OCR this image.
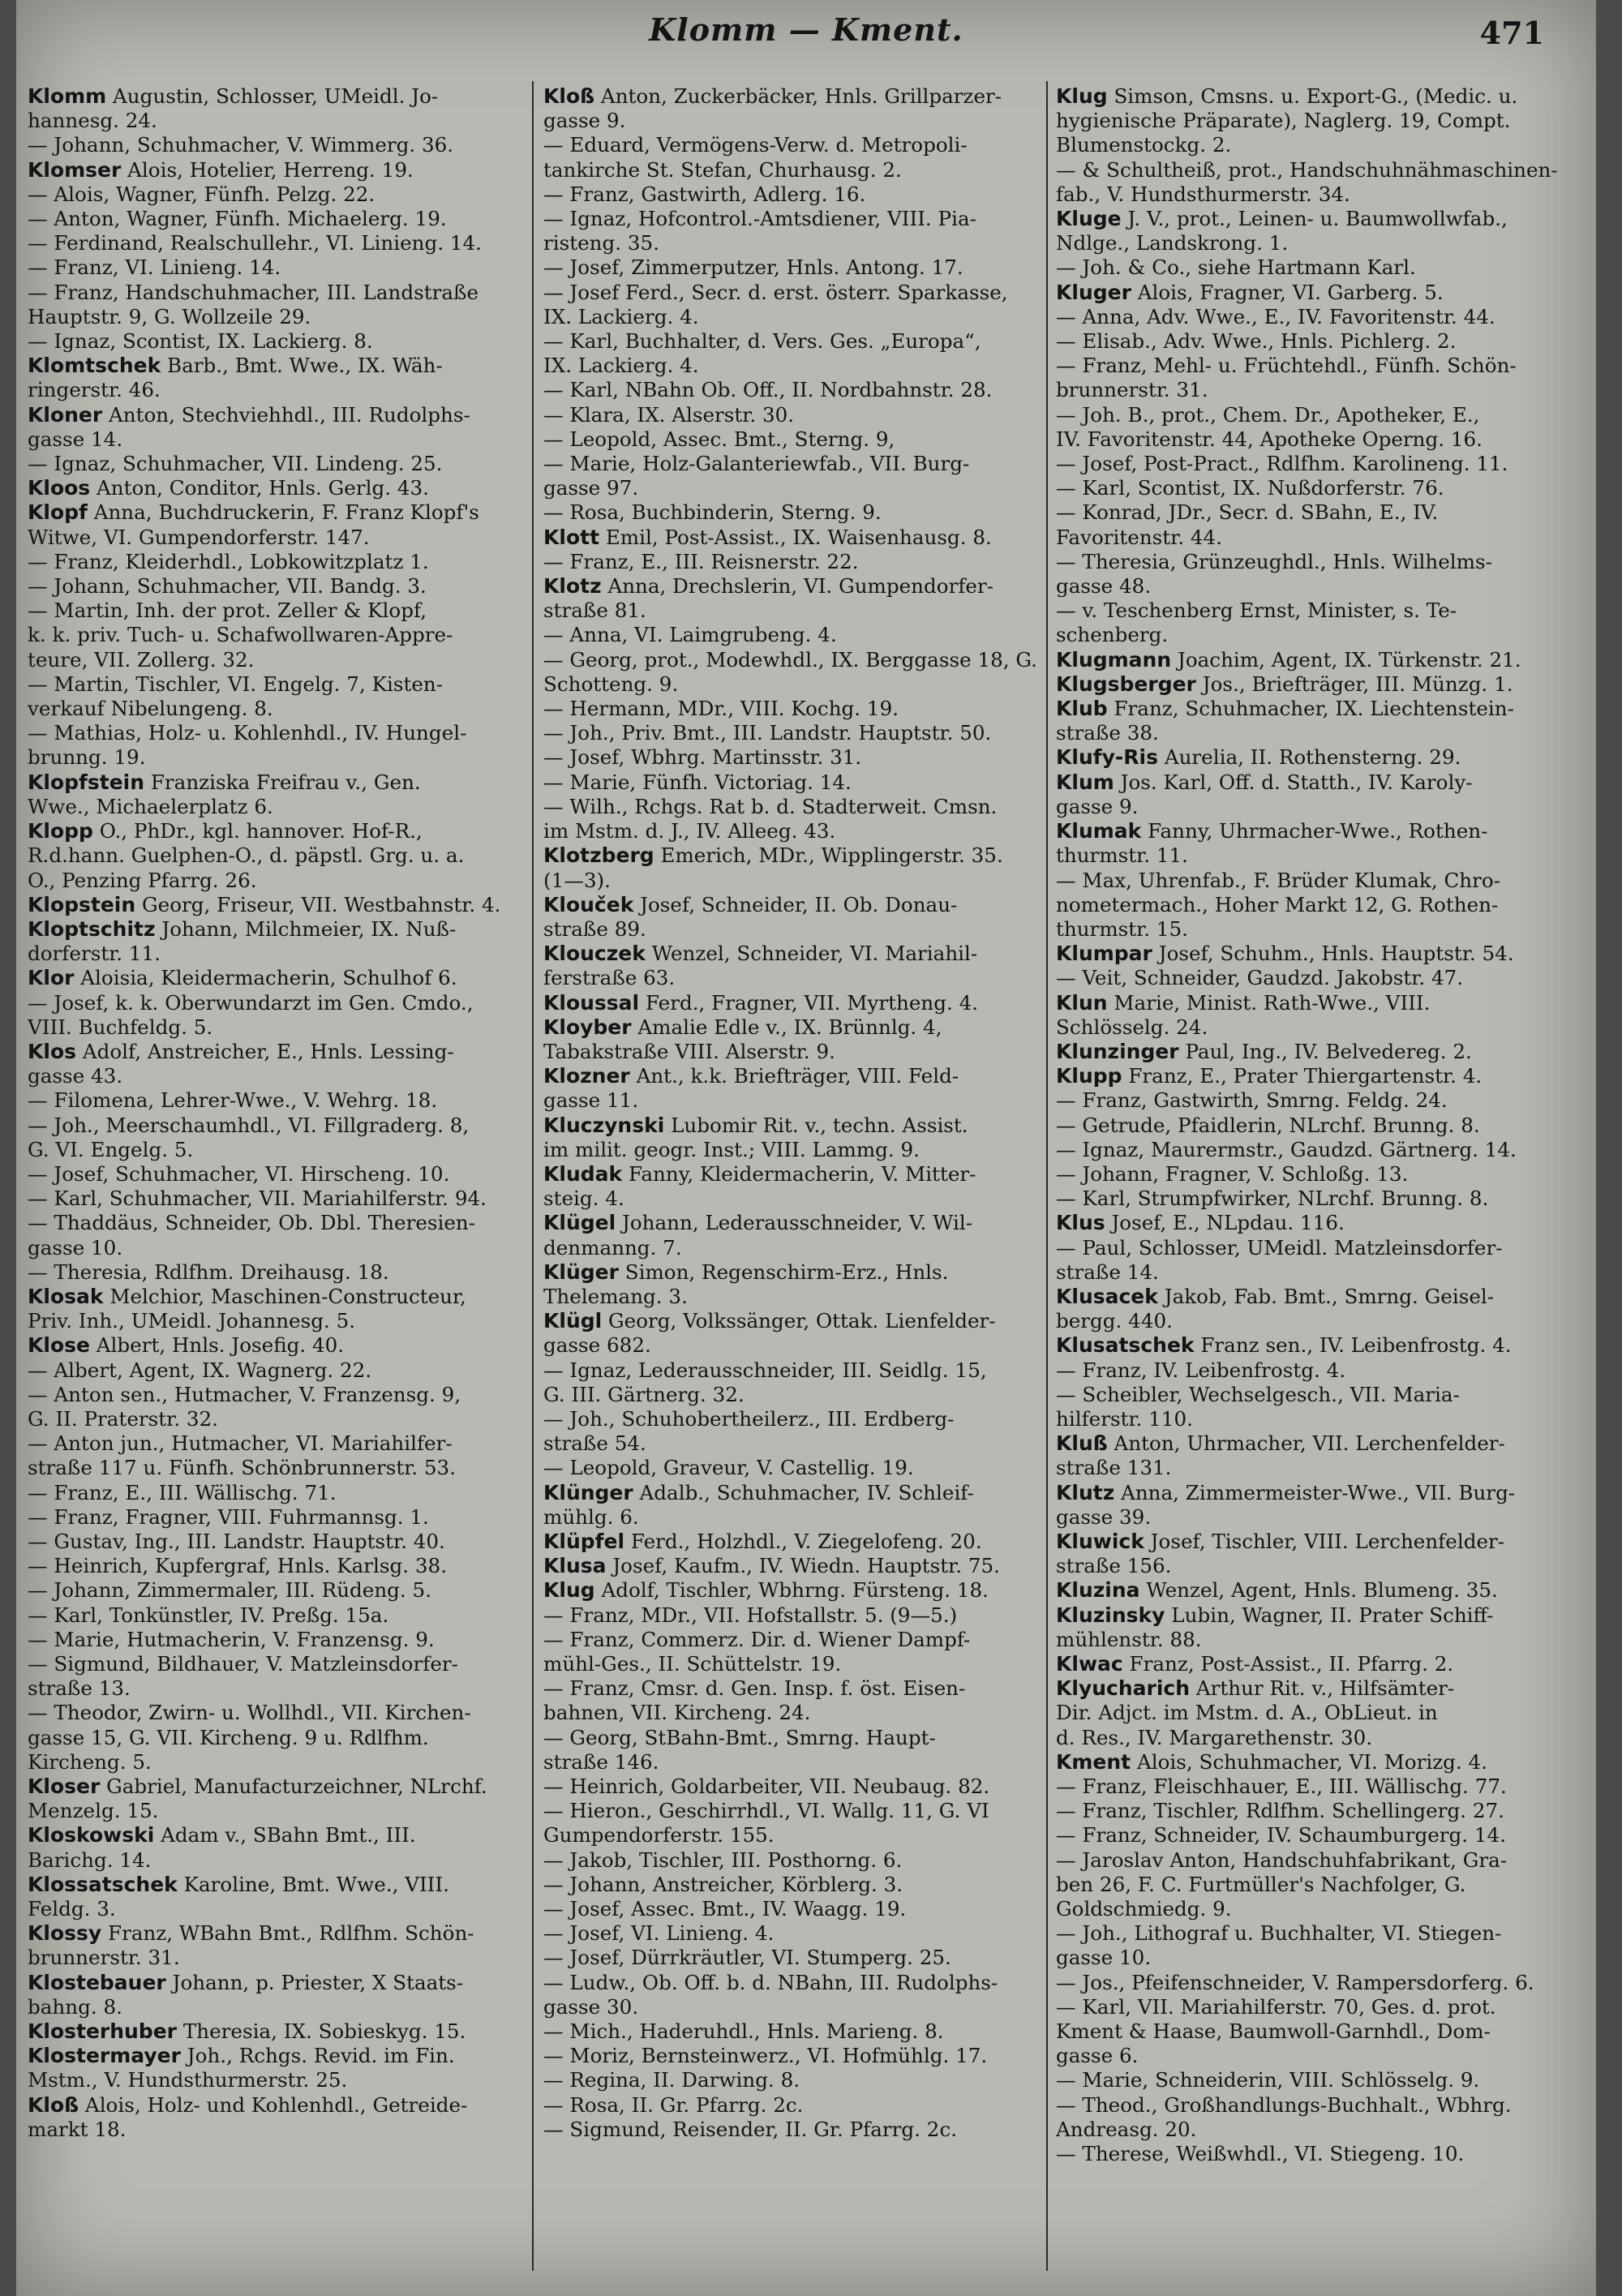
Klomm — Kment.	471

Klomm Augustin, Schlosser, UMeidl. Jo-

hannesg. 24.

— Johann, Schuhmacher, V. Wimmerg. 36.

Klomser Alois, Hotelier, Herreng. 19.

— Alois, Wagner, Fünfh. Pelzg. 22.

— Anton, Wagner, Fünfh. Michaelerg. 19.

— Ferdinand, Realschullehr., VI. Linieng. 14.

— Franz, VI. Linieng. 14.

— Franz, Handschuhmacher, III. Landstraße

Hauptstr. 9, G. Wollzeile 29.

— Ignaz, Scontist, IX. Lackierg. 8.

Klomtschek Barb., Bmt. Wwe., IX. Wäh-

ringerstr. 46.

Kloner Anton, Stechviehhdl., III. Rudolphs-

gasse 14.

— Ignaz, Schuhmacher, VII. Lindeng. 25.

Kloos Anton, Conditor, Hnls. Gerlg. 43.

Klopf Anna, Buchdruckerin, F. Franz Klopf's

Witwe, VI. Gumpendorferstr. 147.

— Franz, Kleiderhdl., Lobkowitzplatz 1.

— Johann, Schuhmacher, VII. Bandg. 3.

— Martin, Inh. der prot. Zeller & Klopf,

k. k. priv. Tuch- u. Schafwollwaren-Appre-

teure, VII. Zollerg. 32.

— Martin, Tischler, VI. Engelg. 7, Kisten-

verkauf Nibelungeng. 8.

— Mathias, Holz- u. Kohlenhdl., IV. Hungel-

brunng. 19.

Klopfstein Franziska Freifrau v., Gen.

Wwe., Michaelerplatz 6.

Klopp O., PhDr., kgl. hannover. Hof-R.,

R.d.hann. Guelphen-O., d. päpstl. Grg. u. a.

O., Penzing Pfarrg. 26.

Klopstein Georg, Friseur, VII. Westbahnstr. 4.

Kloptschitz Johann, Milchmeier, IX. Nuß-

dorferstr. 11.

Klor Aloisia, Kleidermacherin, Schulhof 6.

— Josef, k. k. Oberwundarzt im Gen. Cmdo.,

VIII. Buchfeldg. 5.

Klos Adolf, Anstreicher, E., Hnls. Lessing-

gasse 43.

— Filomena, Lehrer-Wwe., V. Wehrg. 18.

— Joh., Meerschaumhdl., VI. Fillgraderg. 8,

G. VI. Engelg. 5.

— Josef, Schuhmacher, VI. Hirscheng. 10.

— Karl, Schuhmacher, VII. Mariahilferstr. 94.

— Thaddäus, Schneider, Ob. Dbl. Theresien-

gasse 10.

— Theresia, Rdlfhm. Dreihausg. 18.

Klosak Melchior, Maschinen-Constructeur,

Priv. Inh., UMeidl. Johannesg. 5.

Klose Albert, Hnls. Josefig. 40.

— Albert, Agent, IX. Wagnerg. 22.

— Anton sen., Hutmacher, V. Franzensg. 9,

G. II. Praterstr. 32.

— Anton jun., Hutmacher, VI. Mariahilfer-

straße 117 u. Fünfh. Schönbrunnerstr. 53.

— Franz, E., III. Wällischg. 71.

— Franz, Fragner, VIII. Fuhrmannsg. 1.

— Gustav, Ing., III. Landstr. Hauptstr. 40.

— Heinrich, Kupfergraf, Hnls. Karlsg. 38.

— Johann, Zimmermaler, III. Rüdeng. 5.

— Karl, Tonkünstler, IV. Preßg. 15a.

— Marie, Hutmacherin, V. Franzensg. 9.

— Sigmund, Bildhauer, V. Matzleinsdorfer-

straße 13.

— Theodor, Zwirn- u. Wollhdl., VII. Kirchen-

gasse 15, G. VII. Kircheng. 9 u. Rdlfhm.

Kircheng. 5.

Kloser Gabriel, Manufacturzeichner, NLrchf.

Menzelg. 15.

Kloskowski Adam v., SBahn Bmt., III.

Barichg. 14.

Klossatschek Karoline, Bmt. Wwe., VIII.

Feldg. 3.

Klossy Franz, WBahn Bmt., Rdlfhm. Schön-

brunnerstr. 31.

Klostebauer Johann, p. Priester, X Staats-

bahng. 8.

Klosterhuber Theresia, IX. Sobieskyg. 15.

Klostermayer Joh., Rchgs. Revid. im Fin.

Mstm., V. Hundsthurmerstr. 25.

Kloß Alois, Holz- und Kohlenhdl., Getreide-

markt 18.

Kloß Anton, Zuckerbäcker, Hnls. Grillparzer-

gasse 9.

— Eduard, Vermögens-Verw. d. Metropoli-

tankirche St. Stefan, Churhausg. 2.

— Franz, Gastwirth, Adlerg. 16.

— Ignaz, Hofcontrol.-Amtsdiener, VIII. Pia-

risteng. 35.

— Josef, Zimmerputzer, Hnls. Antong. 17.

— Josef Ferd., Secr. d. erst. österr. Sparkasse,

IX. Lackierg. 4.

— Karl, Buchhalter, d. Vers. Ges. „Europa“,

IX. Lackierg. 4.

— Karl, NBahn Ob. Off., II. Nordbahnstr. 28.

— Klara, IX. Alserstr. 30.

— Leopold, Assec. Bmt., Sterng. 9,

— Marie, Holz-Galanteriewfab., VII. Burg-

gasse 97.

— Rosa, Buchbinderin, Sterng. 9.

Klott Emil, Post-Assist., IX. Waisenhausg. 8.

— Franz, E., III. Reisnerstr. 22.

Klotz Anna, Drechslerin, VI. Gumpendorfer-

straße 81.

— Anna, VI. Laimgrubeng. 4.

— Georg, prot., Modewhdl., IX. Berggasse 18, G.

Schotteng. 9.

— Hermann, MDr., VIII. Kochg. 19.

— Joh., Priv. Bmt., III. Landstr. Hauptstr. 50.

— Josef, Wbhrg. Martinsstr. 31.

— Marie, Fünfh. Victoriag. 14.

— Wilh., Rchgs. Rat b. d. Stadterweit. Cmsn.

im Mstm. d. J., IV. Alleeg. 43.

Klotzberg Emerich, MDr., Wipplingerstr. 35.

(1—3).

Klouček Josef, Schneider, II. Ob. Donau-

straße 89.

Klouczek Wenzel, Schneider, VI. Mariahil-

ferstraße 63.

Kloussal Ferd., Fragner, VII. Myrtheng. 4.

Kloyber Amalie Edle v., IX. Brünnlg. 4,

Tabakstraße VIII. Alserstr. 9.

Klozner Ant., k.k. Briefträger, VIII. Feld-

gasse 11.

Kluczynski Lubomir Rit. v., techn. Assist.

im milit. geogr. Inst.; VIII. Lammg. 9.

Kludak Fanny, Kleidermacherin, V. Mitter-

steig. 4.

Klügel Johann, Lederausschneider, V. Wil-

denmanng. 7.

Klüger Simon, Regenschirm-Erz., Hnls.

Thelemang. 3.

Klügl Georg, Volkssänger, Ottak. Lienfelder-

gasse 682.

— Ignaz, Lederausschneider, III. Seidlg. 15,

G. III. Gärtnerg. 32.

— Joh., Schuhobertheilerz., III. Erdberg-

straße 54.

— Leopold, Graveur, V. Castellig. 19.

Klünger Adalb., Schuhmacher, IV. Schleif-

mühlg. 6.

Klüpfel Ferd., Holzhdl., V. Ziegelofeng. 20.

Klusa Josef, Kaufm., IV. Wiedn. Hauptstr. 75.

Klug Adolf, Tischler, Wbhrng. Fürsteng. 18.

— Franz, MDr., VII. Hofstallstr. 5. (9—5.)

— Franz, Commerz. Dir. d. Wiener Dampf-

mühl-Ges., II. Schüttelstr. 19.

— Franz, Cmsr. d. Gen. Insp. f. öst. Eisen-

bahnen, VII. Kircheng. 24.

— Georg, StBahn-Bmt., Smrng. Haupt-

straße 146.

— Heinrich, Goldarbeiter, VII. Neubaug. 82.

— Hieron., Geschirrhdl., VI. Wallg. 11, G. VI

Gumpendorferstr. 155.

— Jakob, Tischler, III. Posthorng. 6.

— Johann, Anstreicher, Körblerg. 3.

— Josef, Assec. Bmt., IV. Waagg. 19.

— Josef, VI. Linieng. 4.

— Josef, Dürrkräutler, VI. Stumperg. 25.

— Ludw., Ob. Off. b. d. NBahn, III. Rudolphs-

gasse 30.

— Mich., Haderuhdl., Hnls. Marieng. 8.

— Moriz, Bernsteinwerz., VI. Hofmühlg. 17.

— Regina, II. Darwing. 8.

— Rosa, II. Gr. Pfarrg. 2c.

— Sigmund, Reisender, II. Gr. Pfarrg. 2c.

Klug Simson, Cmsns. u. Export-G., (Medic. u.

hygienische Präparate), Naglerg. 19, Compt.

Blumenstockg. 2.

— & Schultheiß, prot., Handschuhnähmaschinen-

fab., V. Hundsthurmerstr. 34.

Kluge J. V., prot., Leinen- u. Baumwollwfab.,

Ndlge., Landskrong. 1.

— Joh. & Co., siehe Hartmann Karl.

Kluger Alois, Fragner, VI. Garberg. 5.

— Anna, Adv. Wwe., E., IV. Favoritenstr. 44.

— Elisab., Adv. Wwe., Hnls. Pichlerg. 2.

— Franz, Mehl- u. Früchtehdl., Fünfh. Schön-

brunnerstr. 31.

— Joh. B., prot., Chem. Dr., Apotheker, E.,

IV. Favoritenstr. 44, Apotheke Operng. 16.

— Josef, Post-Pract., Rdlfhm. Karolineng. 11.

— Karl, Scontist, IX. Nußdorferstr. 76.

— Konrad, JDr., Secr. d. SBahn, E., IV.

Favoritenstr. 44.

— Theresia, Grünzeughdl., Hnls. Wilhelms-

gasse 48.

— v. Teschenberg Ernst, Minister, s. Te-

schenberg.

Klugmann Joachim, Agent, IX. Türkenstr. 21.

Klugsberger Jos., Briefträger, III. Münzg. 1.

Klub Franz, Schuhmacher, IX. Liechtenstein-

straße 38.

Klufy-Ris Aurelia, II. Rothensterng. 29.

Klum Jos. Karl, Off. d. Statth., IV. Karoly-

gasse 9.

Klumak Fanny, Uhrmacher-Wwe., Rothen-

thurmstr. 11.

— Max, Uhrenfab., F. Brüder Klumak, Chro-

nometermach., Hoher Markt 12, G. Rothen-

thurmstr. 15.

Klumpar Josef, Schuhm., Hnls. Hauptstr. 54.

— Veit, Schneider, Gaudzd. Jakobstr. 47.

Klun Marie, Minist. Rath-Wwe., VIII.

Schlösselg. 24.

Klunzinger Paul, Ing., IV. Belvedereg. 2.

Klupp Franz, E., Prater Thiergartenstr. 4.

— Franz, Gastwirth, Smrng. Feldg. 24.

— Getrude, Pfaidlerin, NLrchf. Brunng. 8.

— Ignaz, Maurermstr., Gaudzd. Gärtnerg. 14.

— Johann, Fragner, V. Schloßg. 13.

— Karl, Strumpfwirker, NLrchf. Brunng. 8.

Klus Josef, E., NLpdau. 116.

— Paul, Schlosser, UMeidl. Matzleinsdorfer-

straße 14.

Klusacek Jakob, Fab. Bmt., Smrng. Geisel-

bergg. 440.

Klusatschek Franz sen., IV. Leibenfrostg. 4.

— Franz, IV. Leibenfrostg. 4.

— Scheibler, Wechselgesch., VII. Maria-

hilferstr. 110.

Kluß Anton, Uhrmacher, VII. Lerchenfelder-

straße 131.

Klutz Anna, Zimmermeister-Wwe., VII. Burg-

gasse 39.

Kluwick Josef, Tischler, VIII. Lerchenfelder-

straße 156.

Kluzina Wenzel, Agent, Hnls. Blumeng. 35.

Kluzinsky Lubin, Wagner, II. Prater Schiff-

mühlenstr. 88.

Klwac Franz, Post-Assist., II. Pfarrg. 2.

Klyucharich Arthur Rit. v., Hilfsämter-

Dir. Adjct. im Mstm. d. A., ObLieut. in

d. Res., IV. Margarethenstr. 30.

Kment Alois, Schuhmacher, VI. Morizg. 4.

— Franz, Fleischhauer, E., III. Wällischg. 77.

— Franz, Tischler, Rdlfhm. Schellingerg. 27.

— Franz, Schneider, IV. Schaumburgerg. 14.

— Jaroslav Anton, Handschuhfabrikant, Gra-

ben 26, F. C. Furtmüller's Nachfolger, G.

Goldschmiedg. 9.

— Joh., Lithograf u. Buchhalter, VI. Stiegen-

gasse 10.

— Jos., Pfeifenschneider, V. Rampersdorferg. 6.

— Karl, VII. Mariahilferstr. 70, Ges. d. prot.

Kment & Haase, Baumwoll-Garnhdl., Dom-

gasse 6.

— Marie, Schneiderin, VIII. Schlösselg. 9.

— Theod., Großhandlungs-Buchhalt., Wbhrg.

Andreasg. 20.

— Therese, Weißwhdl., VI. Stiegeng. 10.
